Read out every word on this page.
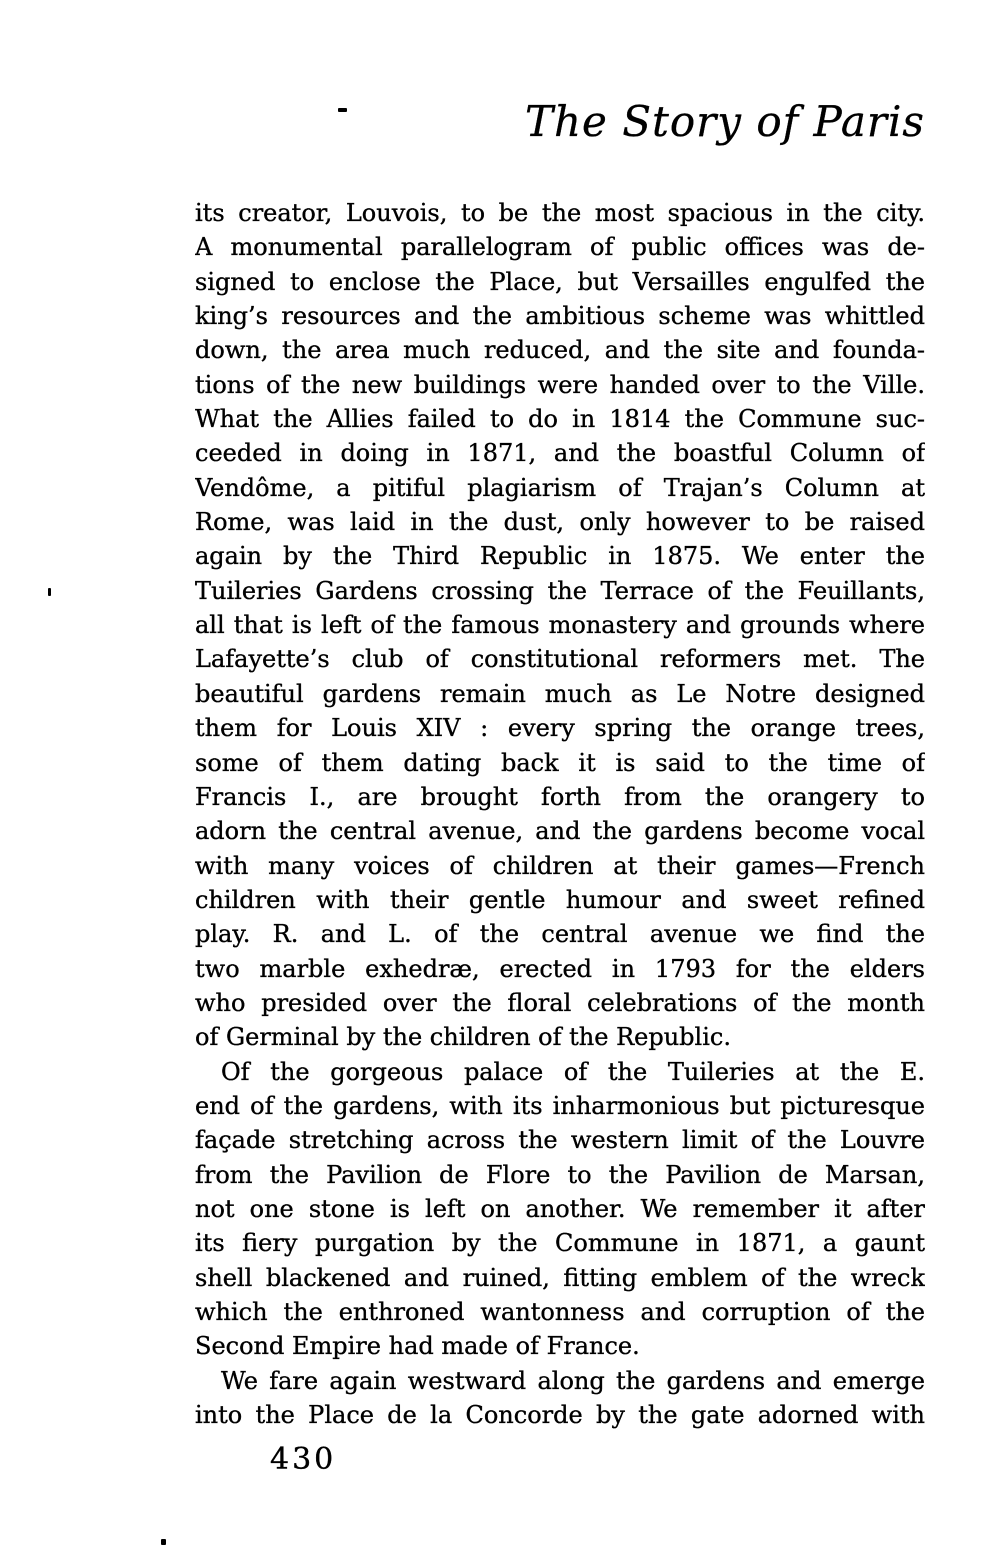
The Story of Paris
its creator, Louvois, to be the most spacious in the city.
A monumental parallelogram of public offices was de-
signed to enclose the Place, but Versailles engulfed the
king’s resources and the ambitious scheme was whittled
down, the area much reduced, and the site and founda-
tions of the new buildings were handed over to the Ville.
What the Allies failed to do in 1814 the Commune suc-
ceeded in doing in 1871, and the boastful Column of
Vendôme, a pitiful plagiarism of Trajan’s Column at
Rome, was laid in the dust, only however to be raised
again by the Third Republic in 1875. We enter the
Tuileries Gardens crossing the Terrace of the Feuillants,
all that is left of the famous monastery and grounds where
Lafayette’s club of constitutional reformers met. The
beautiful gardens remain much as Le Notre designed
them for Louis XIV : every spring the orange trees,
some of them dating back it is said to the time of
Francis I., are brought forth from the orangery to
adorn the central avenue, and the gardens become vocal
with many voices of children at their games—French
children with their gentle humour and sweet refined
play. R. and L. of the central avenue we find the
two marble exhedræ, erected in 1793 for the elders
who presided over the floral celebrations of the month
of Germinal by the children of the Republic.
Of the gorgeous palace of the Tuileries at the E.
end of the gardens, with its inharmonious but picturesque
façade stretching across the western limit of the Louvre
from the Pavilion de Flore to the Pavilion de Marsan,
not one stone is left on another. We remember it after
its fiery purgation by the Commune in 1871, a gaunt
shell blackened and ruined, fitting emblem of the wreck
which the enthroned wantonness and corruption of the
Second Empire had made of France.
We fare again westward along the gardens and emerge
into the Place de la Concorde by the gate adorned with
430
